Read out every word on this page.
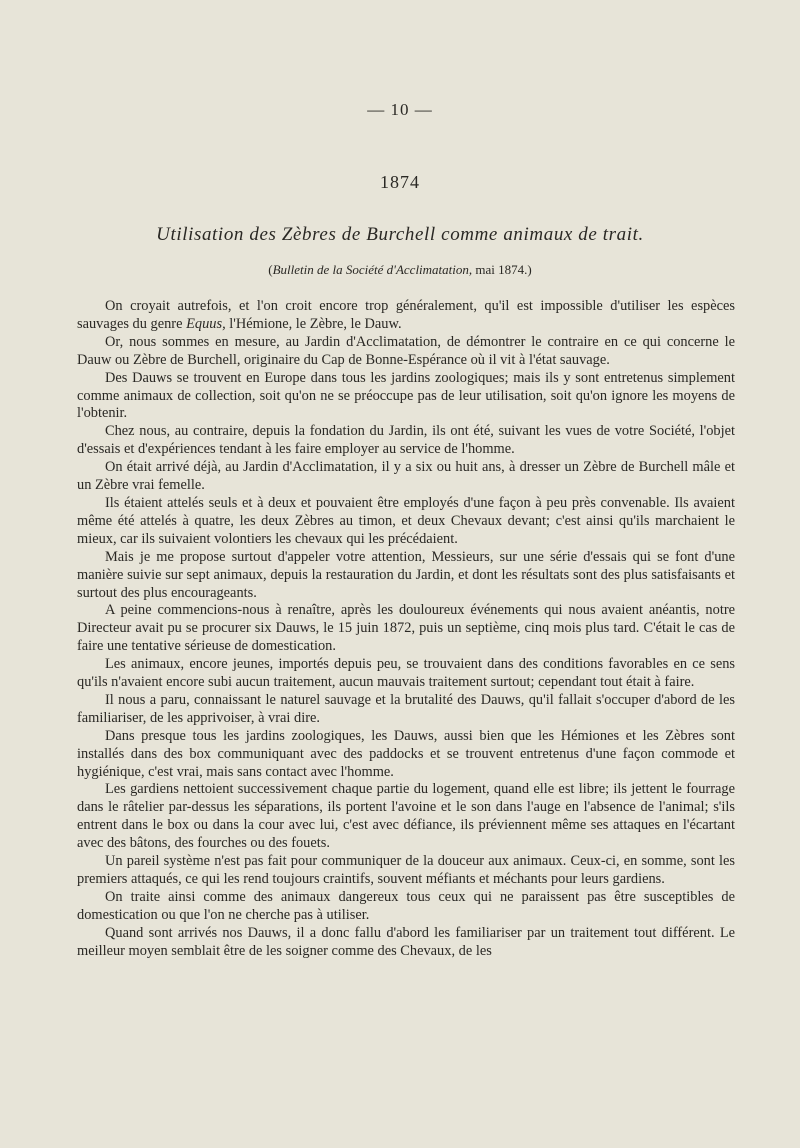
— 10 —
1874
Utilisation des Zèbres de Burchell comme animaux de trait.
(Bulletin de la Société d'Acclimatation, mai 1874.)

On croyait autrefois, et l'on croit encore trop généralement, qu'il est impossible d'utiliser les espèces sauvages du genre Equus, l'Hémione, le Zèbre, le Dauw.

Or, nous sommes en mesure, au Jardin d'Acclimatation, de démontrer le contraire en ce qui concerne le Dauw ou Zèbre de Burchell, originaire du Cap de Bonne-Espérance où il vit à l'état sauvage.

Des Dauws se trouvent en Europe dans tous les jardins zoologiques; mais ils y sont entretenus simplement comme animaux de collection, soit qu'on ne se préoccupe pas de leur utilisation, soit qu'on ignore les moyens de l'obtenir.

Chez nous, au contraire, depuis la fondation du Jardin, ils ont été, suivant les vues de votre Société, l'objet d'essais et d'expériences tendant à les faire employer au service de l'homme.

On était arrivé déjà, au Jardin d'Acclimatation, il y a six ou huit ans, à dresser un Zèbre de Burchell mâle et un Zèbre vrai femelle.

Ils étaient attelés seuls et à deux et pouvaient être employés d'une façon à peu près convenable. Ils avaient même été attelés à quatre, les deux Zèbres au timon, et deux Chevaux devant; c'est ainsi qu'ils marchaient le mieux, car ils suivaient volontiers les chevaux qui les précédaient.

Mais je me propose surtout d'appeler votre attention, Messieurs, sur une série d'essais qui se font d'une manière suivie sur sept animaux, depuis la restauration du Jardin, et dont les résultats sont des plus satisfaisants et surtout des plus encourageants.

A peine commencions-nous à renaître, après les douloureux événements qui nous avaient anéantis, notre Directeur avait pu se procurer six Dauws, le 15 juin 1872, puis un septième, cinq mois plus tard. C'était le cas de faire une tentative sérieuse de domestication.

Les animaux, encore jeunes, importés depuis peu, se trouvaient dans des conditions favorables en ce sens qu'ils n'avaient encore subi aucun traitement, aucun mauvais traitement surtout; cependant tout était à faire.

Il nous a paru, connaissant le naturel sauvage et la brutalité des Dauws, qu'il fallait s'occuper d'abord de les familiariser, de les apprivoiser, à vrai dire.

Dans presque tous les jardins zoologiques, les Dauws, aussi bien que les Hémiones et les Zèbres sont installés dans des box communiquant avec des paddocks et se trouvent entretenus d'une façon commode et hygiénique, c'est vrai, mais sans contact avec l'homme.

Les gardiens nettoient successivement chaque partie du logement, quand elle est libre; ils jettent le fourrage dans le râtelier par-dessus les séparations, ils portent l'avoine et le son dans l'auge en l'absence de l'animal; s'ils entrent dans le box ou dans la cour avec lui, c'est avec défiance, ils préviennent même ses attaques en l'écartant avec des bâtons, des fourches ou des fouets.

Un pareil système n'est pas fait pour communiquer de la douceur aux animaux. Ceux-ci, en somme, sont les premiers attaqués, ce qui les rend toujours craintifs, souvent méfiants et méchants pour leurs gardiens.

On traite ainsi comme des animaux dangereux tous ceux qui ne paraissent pas être susceptibles de domestication ou que l'on ne cherche pas à utiliser.

Quand sont arrivés nos Dauws, il a donc fallu d'abord les familiariser par un traitement tout différent. Le meilleur moyen semblait être de les soigner comme des Chevaux, de les
